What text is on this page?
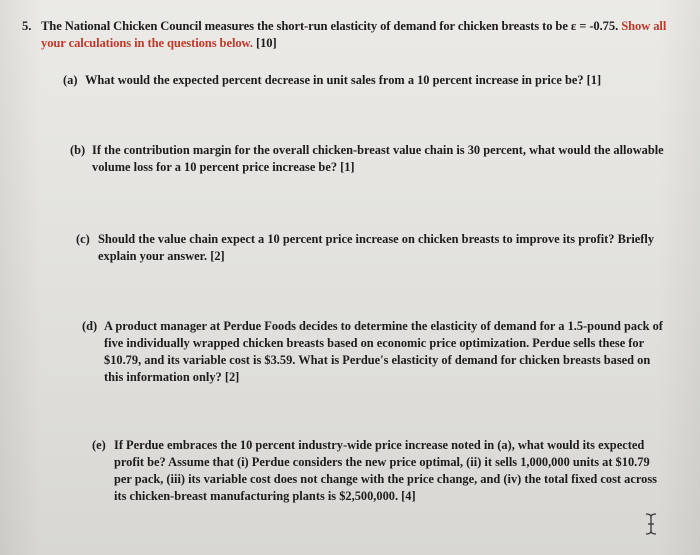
5. The National Chicken Council measures the short-run elasticity of demand for chicken breasts to be ε = -0.75. Show all your calculations in the questions below. [10]
(a) What would the expected percent decrease in unit sales from a 10 percent increase in price be? [1]
(b) If the contribution margin for the overall chicken-breast value chain is 30 percent, what would the allowable volume loss for a 10 percent price increase be? [1]
(c) Should the value chain expect a 10 percent price increase on chicken breasts to improve its profit? Briefly explain your answer. [2]
(d) A product manager at Perdue Foods decides to determine the elasticity of demand for a 1.5-pound pack of five individually wrapped chicken breasts based on economic price optimization. Perdue sells these for $10.79, and its variable cost is $3.59. What is Perdue's elasticity of demand for chicken breasts based on this information only? [2]
(e) If Perdue embraces the 10 percent industry-wide price increase noted in (a), what would its expected profit be? Assume that (i) Perdue considers the new price optimal, (ii) it sells 1,000,000 units at $10.79 per pack, (iii) its variable cost does not change with the price change, and (iv) the total fixed cost across its chicken-breast manufacturing plants is $2,500,000. [4]
